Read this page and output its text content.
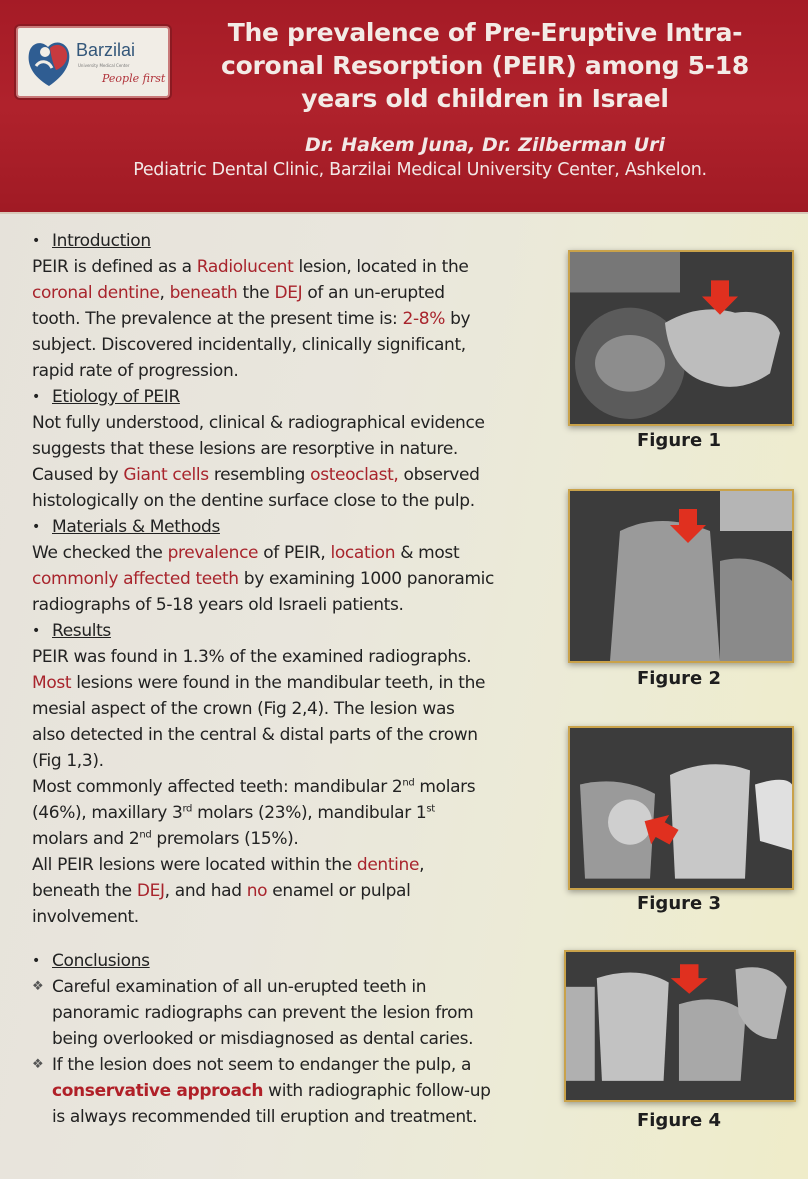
Barzilai
University Medical Center
People first
The prevalence of Pre-Eruptive Intra-
coronal Resorption (PEIR) among 5-18
years old children in Israel
Dr. Hakem Juna, Dr. Zilberman Uri
Pediatric Dental Clinic, Barzilai Medical University Center, Ashkelon.
• Introduction
PEIR is defined as a Radiolucent lesion, located in the
coronal dentine, beneath the DEJ of an un-erupted
tooth. The prevalence at the present time is: 2-8% by
subject. Discovered incidentally, clinically significant,
rapid rate of progression.
• Etiology of PEIR
Not fully understood, clinical & radiographical evidence
suggests that these lesions are resorptive in nature.
Caused by Giant cells resembling osteoclast, observed
histologically on the dentine surface close to the pulp.
• Materials & Methods
We checked the prevalence of PEIR, location & most
commonly affected teeth by examining 1000 panoramic
radiographs of 5-18 years old Israeli patients.
• Results
PEIR was found in 1.3% of the examined radiographs.
Most lesions were found in the mandibular teeth, in the
mesial aspect of the crown (Fig 2,4). The lesion was
also detected in the central & distal parts of the crown
(Fig 1,3).
Most commonly affected teeth: mandibular 2nd molars
(46%), maxillary 3rd molars (23%), mandibular 1st
molars and 2nd premolars (15%).
All PEIR lesions were located within the dentine,
beneath the DEJ, and had no enamel or pulpal
involvement.
• Conclusions
❖ Careful examination of all un-erupted teeth in
panoramic radiographs can prevent the lesion from
being overlooked or misdiagnosed as dental caries.
❖ If the lesion does not seem to endanger the pulp, a
conservative approach with radiographic follow-up
is always recommended till eruption and treatment.
Figure 1
Figure 2
Figure 3
Figure 4
